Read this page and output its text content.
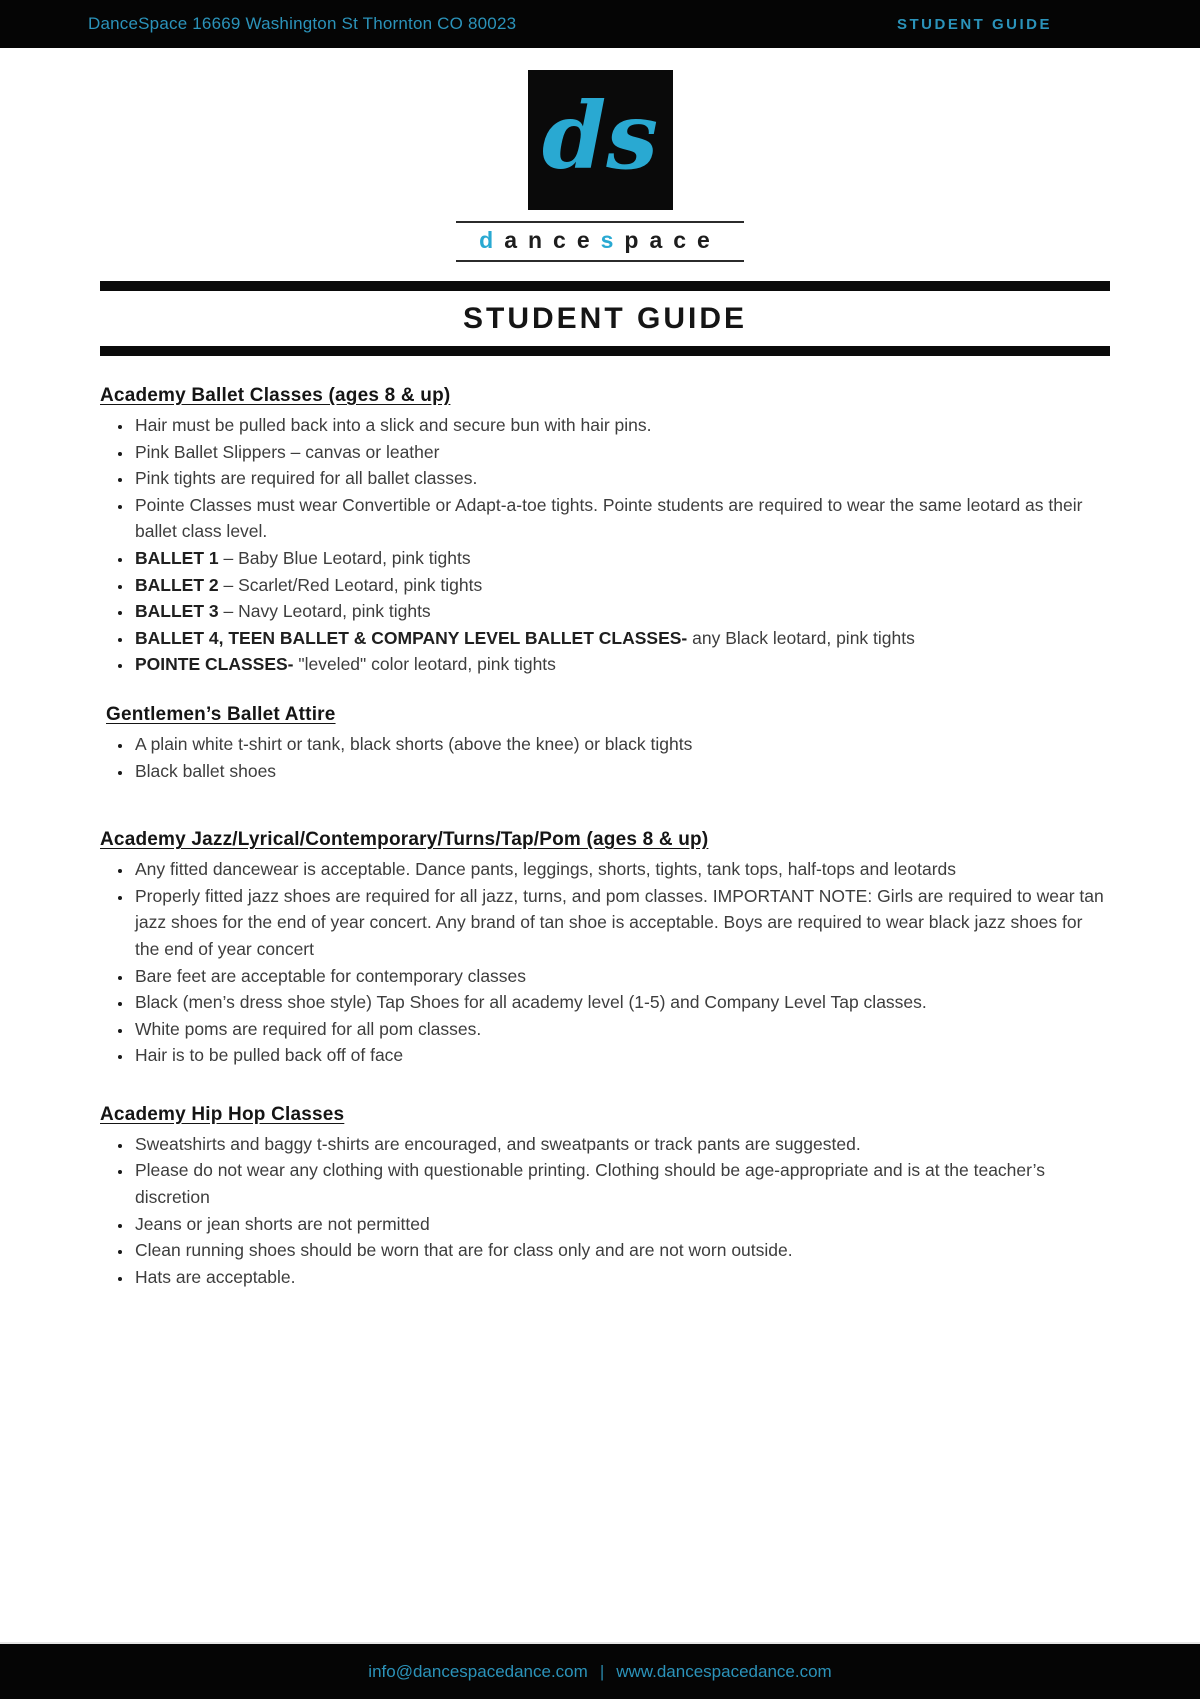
DanceSpace 16669 Washington St Thornton CO 80023	STUDENT GUIDE
ds
dancespace
STUDENT GUIDE
Academy Ballet Classes (ages 8 & up)
• Hair must be pulled back into a slick and secure bun with hair pins.
• Pink Ballet Slippers – canvas or leather
• Pink tights are required for all ballet classes.
• Pointe Classes must wear Convertible or Adapt-a-toe tights. Pointe students are required to wear the same leotard as their ballet class level.
• BALLET 1 – Baby Blue Leotard, pink tights
• BALLET 2 – Scarlet/Red Leotard, pink tights
• BALLET 3 – Navy Leotard, pink tights
• BALLET 4, TEEN BALLET & COMPANY LEVEL BALLET CLASSES- any Black leotard, pink tights
• POINTE CLASSES- "leveled" color leotard, pink tights
Gentlemen’s Ballet Attire
• A plain white t-shirt or tank, black shorts (above the knee) or black tights
• Black ballet shoes
Academy Jazz/Lyrical/Contemporary/Turns/Tap/Pom (ages 8 & up)
• Any fitted dancewear is acceptable. Dance pants, leggings, shorts, tights, tank tops, half-tops and leotards
• Properly fitted jazz shoes are required for all jazz, turns, and pom classes. IMPORTANT NOTE: Girls are required to wear tan jazz shoes for the end of year concert. Any brand of tan shoe is acceptable. Boys are required to wear black jazz shoes for the end of year concert
• Bare feet are acceptable for contemporary classes
• Black (men’s dress shoe style) Tap Shoes for all academy level (1-5) and Company Level Tap classes.
• White poms are required for all pom classes.
• Hair is to be pulled back off of face
Academy Hip Hop Classes
• Sweatshirts and baggy t-shirts are encouraged, and sweatpants or track pants are suggested.
• Please do not wear any clothing with questionable printing. Clothing should be age-appropriate and is at the teacher’s discretion
• Jeans or jean shorts are not permitted
• Clean running shoes should be worn that are for class only and are not worn outside.
• Hats are acceptable.
info@dancespacedance.com | www.dancespacedance.com
